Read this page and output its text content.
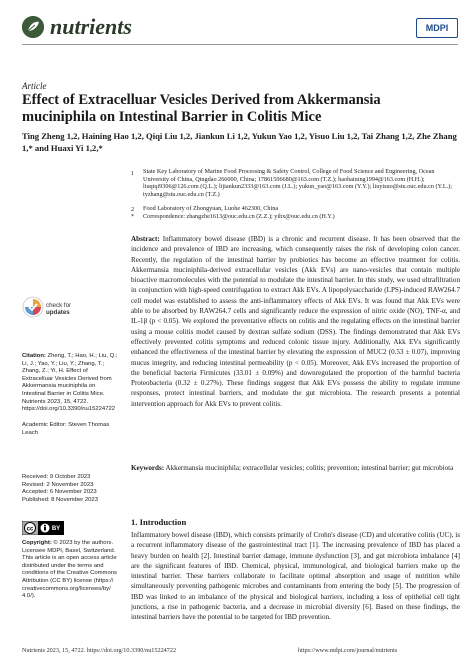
nutrients	MDPI
Article
Effect of Extracelluar Vesicles Derived from Akkermansia muciniphila on Intestinal Barrier in Colitis Mice
Ting Zheng 1,2, Haining Hao 1,2, Qiqi Liu 1,2, Jiankun Li 1,2, Yukun Yao 1,2, Yisuo Liu 1,2, Tai Zhang 1,2, Zhe Zhang 1,* and Huaxi Yi 1,2,*
1 State Key Laboratory of Marine Food Processing & Safety Control, College of Food Science and Engineering, Ocean University of China, Qingdao 266000, China; 17861506680@163.com (T.Z.); haohaining1994@163.com (H.H.); liuqiqi9306@126.com (Q.L.); lijiankun2333@163.com (J.L.); yukun_yao@163.com (Y.Y.); liuyisuo@stu.ouc.edu.cn (Y.L.); tyzhang@stu.ouc.edu.cn (T.Z.)
2 Food Laboratory of Zhongyuan, Luohe 462300, China
* Correspondence: zhangzhe1613@ouc.edu.cn (Z.Z.); yihx@ouc.edu.cn (H.Y.)
Abstract: Inflammatory bowel disease (IBD) is a chronic and recurrent disease. It has been observed that the incidence and prevalence of IBD are increasing, which consequently raises the risk of developing colon cancer. Recently, the regulation of the intestinal barrier by probiotics has become an effective treatment for colitis. Akkermansia muciniphila-derived extracellular vesicles (Akk EVs) are nano-vesicles that contain multiple bioactive macromolecules with the potential to modulate the intestinal barrier. In this study, we used ultrafiltration in conjunction with high-speed centrifugation to extract Akk EVs. A lipopolysaccharide (LPS)-induced RAW264.7 cell model was established to assess the anti-inflammatory effects of Akk EVs. It was found that Akk EVs were able to be absorbed by RAW264.7 cells and significantly reduce the expression of nitric oxide (NO), TNF-α, and IL-1β (p < 0.05). We explored the preventative effects on colitis and the regulating effects on the intestinal barrier using a mouse colitis model caused by dextran sulfate sodium (DSS). The findings demonstrated that Akk EVs effectively prevented colitis symptoms and reduced colonic tissue injury. Additionally, Akk EVs significantly enhanced the effectiveness of the intestinal barrier by elevating the expression of MUC2 (0.53 ± 0.07), improving mucus integrity, and reducing intestinal permeability (p < 0.05). Moreover, Akk EVs increased the proportion of the beneficial bacteria Firmicutes (33.01 ± 0.09%) and downregulated the proportion of the harmful bacteria Proteobacteria (0.32 ± 0.27%). These findings suggest that Akk EVs possess the ability to regulate immune responses, protect intestinal barriers, and modulate the gut microbiota. The research presents a potential intervention approach for Akk EVs to prevent colitis.
Keywords: Akkermansia muciniphila; extracellular vesicles; colitis; prevention; intestinal barrier; gut microbiota
check for
updates
Citation: Zheng, T.; Hao, H.; Liu, Q.; Li, J.; Yao, Y.; Liu, Y.; Zhang, T.; Zhang, Z.; Yi, H. Effect of Extracelluar Vesicles Derived from Akkermansia muciniphila on Intestinal Barrier in Colitis Mice. Nutrients 2023, 15, 4722. https://doi.org/10.3390/nu15224722
Academic Editor: Steven Thomas Leach
Received: 9 October 2023
Revised: 2 November 2023
Accepted: 6 November 2023
Published: 8 November 2023
cc	BY
Copyright: © 2023 by the authors. Licensee MDPI, Basel, Switzerland. This article is an open access article distributed under the terms and conditions of the Creative Commons Attribution (CC BY) license (https:// creativecommons.org/licenses/by/ 4.0/).
1. Introduction
Inflammatory bowel disease (IBD), which consists primarily of Crohn's disease (CD) and ulcerative colitis (UC), is a recurrent inflammatory disease of the gastrointestinal tract [1]. The increasing prevalence of IBD has placed a heavy burden on health [2]. Intestinal barrier damage, immune dysfunction [3], and gut microbiota imbalance [4] are the significant features of IBD. Chemical, physical, immunological, and biological barriers make up the intestinal barrier. These barriers collaborate to facilitate optimal absorption and usage of nutrition while simultaneously preventing pathogenic microbes and contaminants from entering the body [5]. The progression of IBD was linked to an imbalance of the physical and biological barriers, including a loss of epithelial cell tight junctions, a rise in pathogenic bacteria, and a decrease in microbial diversity [6]. Based on these findings, the intestinal barriers have the potential to be targeted for IBD prevention.
Nutrients 2023, 15, 4722. https://doi.org/10.3390/nu15224722	https://www.mdpi.com/journal/nutrients
